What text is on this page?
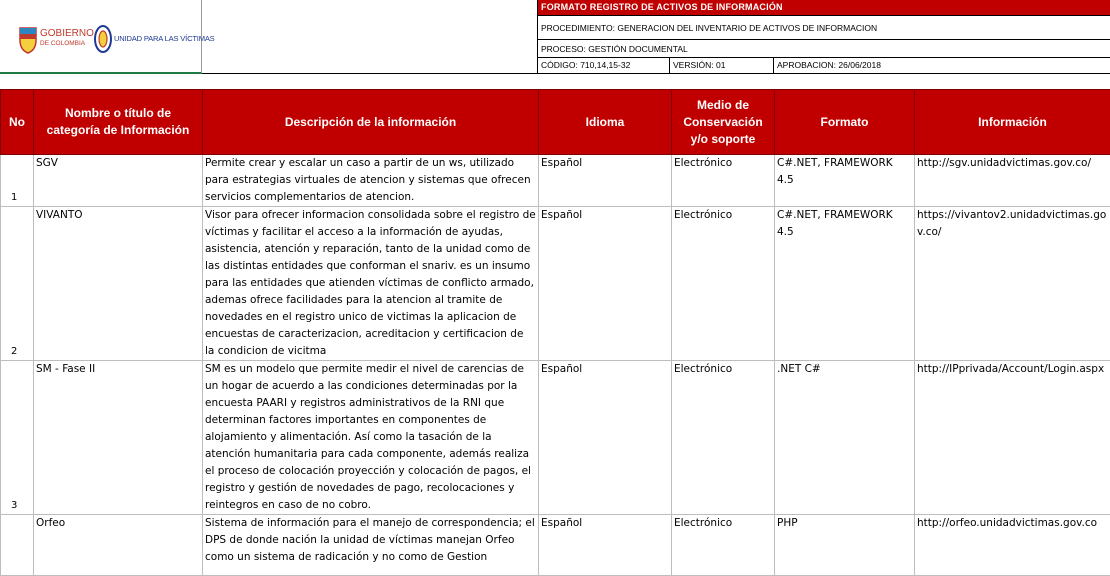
GOBIERNO
DE COLOMBIA
UNIDAD PARA LAS VÍCTIMAS
FORMATO REGISTRO DE ACTIVOS DE INFORMACIÓN
PROCEDIMIENTO: GENERACION DEL INVENTARIO DE ACTIVOS DE INFORMACION
PROCESO: GESTIÓN DOCUMENTAL
CÓDIGO: 710,14,15-32	VERSIÓN: 01	APROBACION: 26/06/2018
No	Nombre o título de categoría de Información	Descripción de la información	Idioma	Medio de Conservación y/o soporte	Formato	Información
1	SGV	Permite crear y escalar un caso a partir de un ws, utilizado para estrategias virtuales de atencion y sistemas que ofrecen servicios complementarios de atencion.	Español	Electrónico	C#.NET, FRAMEWORK 4.5	http://sgv.unidadvictimas.gov.co/
2	VIVANTO	Visor para ofrecer informacion consolidada sobre el registro de víctimas y facilitar el acceso a la información de ayudas, asistencia, atención y reparación, tanto de la unidad como de las distintas entidades que conforman el snariv. es un insumo para las entidades que atienden víctimas de conflicto armado, ademas ofrece facilidades para la atencion al tramite de novedades en el registro unico de victimas la aplicacion de encuestas de caracterizacion, acreditacion y certificacion de la condicion de vicitma	Español	Electrónico	C#.NET, FRAMEWORK 4.5	https://vivantov2.unidadvictimas.gov.co/
3	SM - Fase II	SM es un modelo que permite medir el nivel de carencias de un hogar de acuerdo a las condiciones determinadas por la encuesta PAARI y registros administrativos de la RNI que determinan factores importantes en componentes de alojamiento y alimentación. Así como la tasación de la atención humanitaria para cada componente, además realiza el proceso de colocación proyección y colocación de pagos, el registro y gestión de novedades de pago, recolocaciones y reintegros en caso de no cobro.	Español	Electrónico	.NET C#	http://IPprivada/Account/Login.aspx
	Orfeo	Sistema de información para el manejo de correspondencia; el DPS de donde nación la unidad de víctimas manejan Orfeo como un sistema de radicación y no como de Gestion	Español	Electrónico	PHP	http://orfeo.unidadvictimas.gov.co
